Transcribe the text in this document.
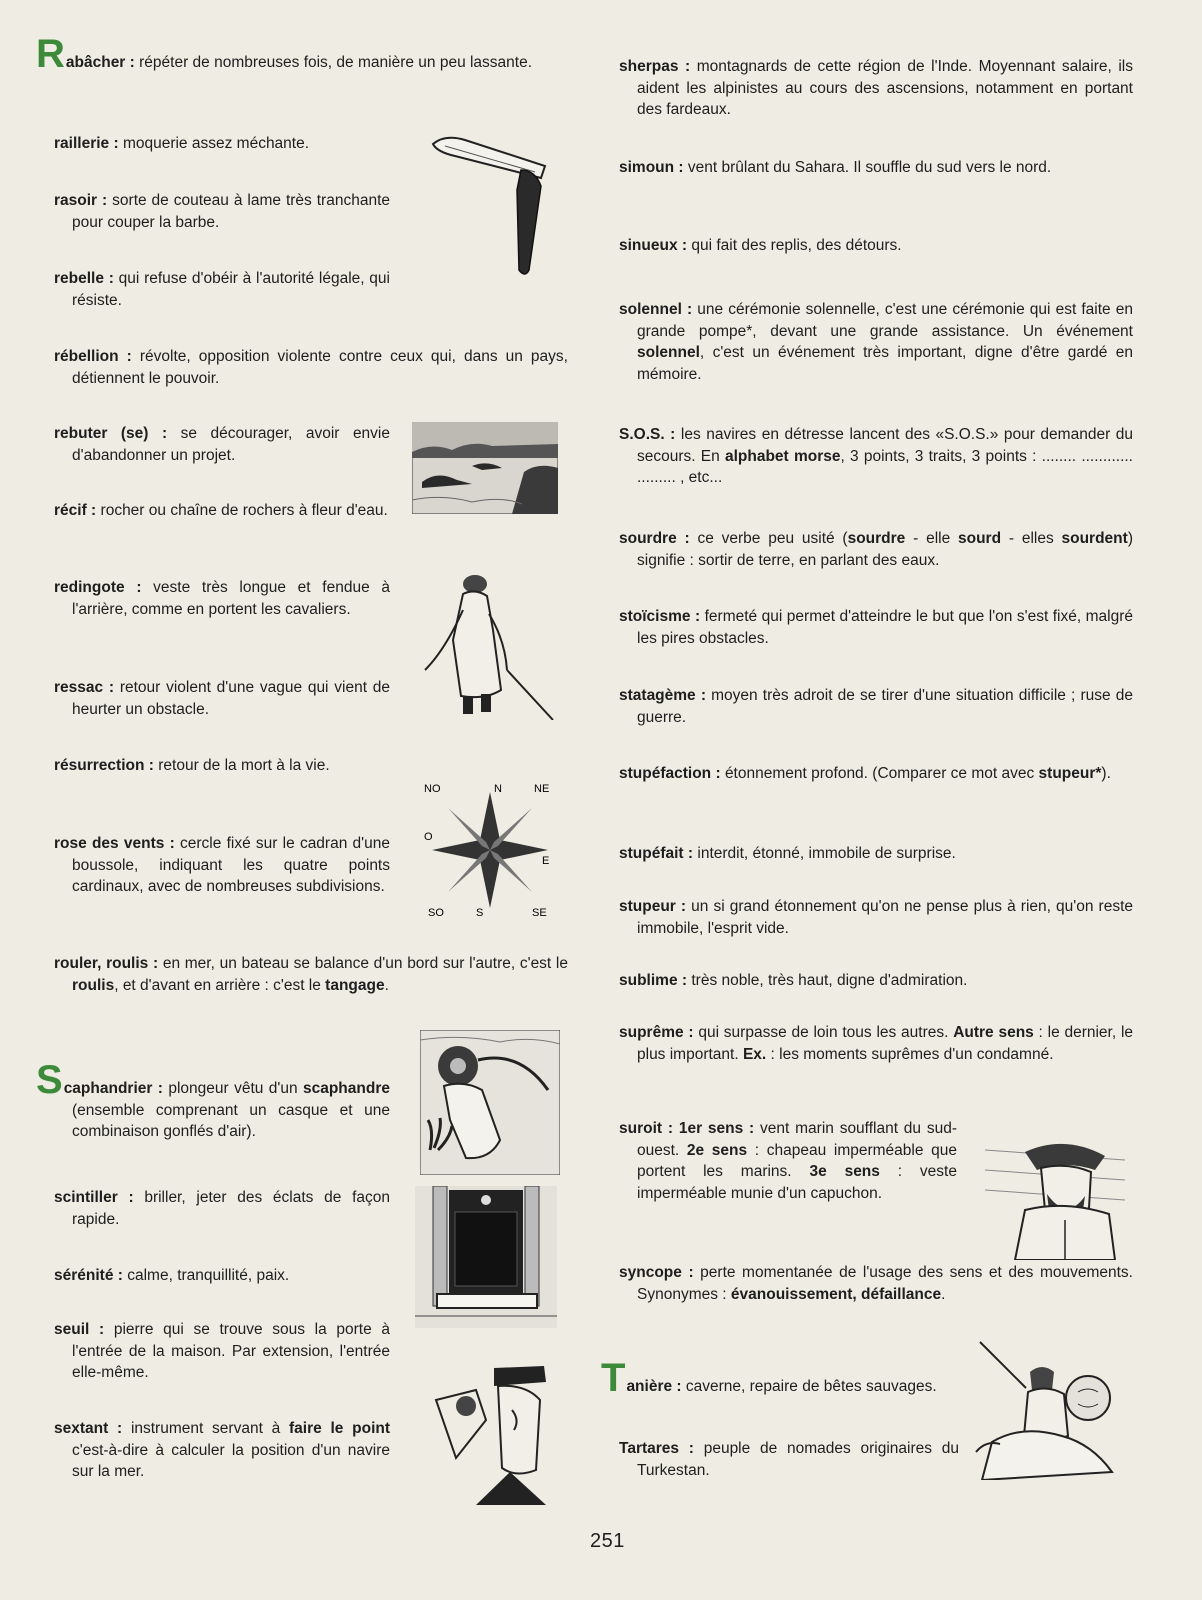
Rabâcher : répéter de nombreuses fois, de manière un peu lassante.
raillerie : moquerie assez méchante.
rasoir : sorte de couteau à lame très tranchante pour couper la barbe.
rebelle : qui refuse d'obéir à l'autorité légale, qui résiste.
rébellion : révolte, opposition violente contre ceux qui, dans un pays, détiennent le pouvoir.
rebuter (se) : se décourager, avoir envie d'abandonner un projet.
récif : rocher ou chaîne de rochers à fleur d'eau.
redingote : veste très longue et fendue à l'arrière, comme en portent les cavaliers.
ressac : retour violent d'une vague qui vient de heurter un obstacle.
résurrection : retour de la mort à la vie.
rose des vents : cercle fixé sur le cadran d'une boussole, indiquant les quatre points cardinaux, avec de nombreuses subdivisions.
rouler, roulis : en mer, un bateau se balance d'un bord sur l'autre, c'est le roulis, et d'avant en arrière : c'est le tangage.
Scaphandrier : plongeur vêtu d'un scaphandre (ensemble comprenant un casque et une combinaison gonflés d'air).
scintiller : briller, jeter des éclats de façon rapide.
sérénité : calme, tranquillité, paix.
seuil : pierre qui se trouve sous la porte à l'entrée de la maison. Par extension, l'entrée elle-même.
sextant : instrument servant à faire le point c'est-à-dire à calculer la position d'un navire sur la mer.
NO	N	NE
O
E
SO	S	SE
sherpas : montagnards de cette région de l'Inde. Moyennant salaire, ils aident les alpinistes au cours des ascensions, notamment en portant des fardeaux.
simoun : vent brûlant du Sahara. Il souffle du sud vers le nord.
sinueux : qui fait des replis, des détours.
solennel : une cérémonie solennelle, c'est une cérémonie qui est faite en grande pompe*, devant une grande assistance. Un événement solennel, c'est un événement très important, digne d'être gardé en mémoire.
S.O.S. : les navires en détresse lancent des «S.O.S.» pour demander du secours. En alphabet morse, 3 points, 3 traits, 3 points : ........ ............ ......... , etc...
sourdre : ce verbe peu usité (sourdre - elle sourd - elles sourdent) signifie : sortir de terre, en parlant des eaux.
stoïcisme : fermeté qui permet d'atteindre le but que l'on s'est fixé, malgré les pires obstacles.
statagème : moyen très adroit de se tirer d'une situation difficile ; ruse de guerre.
stupéfaction : étonnement profond. (Comparer ce mot avec stupeur*).
stupéfait : interdit, étonné, immobile de surprise.
stupeur : un si grand étonnement qu'on ne pense plus à rien, qu'on reste immobile, l'esprit vide.
sublime : très noble, très haut, digne d'admiration.
suprême : qui surpasse de loin tous les autres. Autre sens : le dernier, le plus important. Ex. : les moments suprêmes d'un condamné.
suroit : 1er sens : vent marin soufflant du sud-ouest. 2e sens : chapeau imperméable que portent les marins. 3e sens : veste imperméable munie d'un capuchon.
syncope : perte momentanée de l'usage des sens et des mouvements. Synonymes : évanouissement, défaillance.
Tanière : caverne, repaire de bêtes sauvages.
Tartares : peuple de nomades originaires du Turkestan.
251
